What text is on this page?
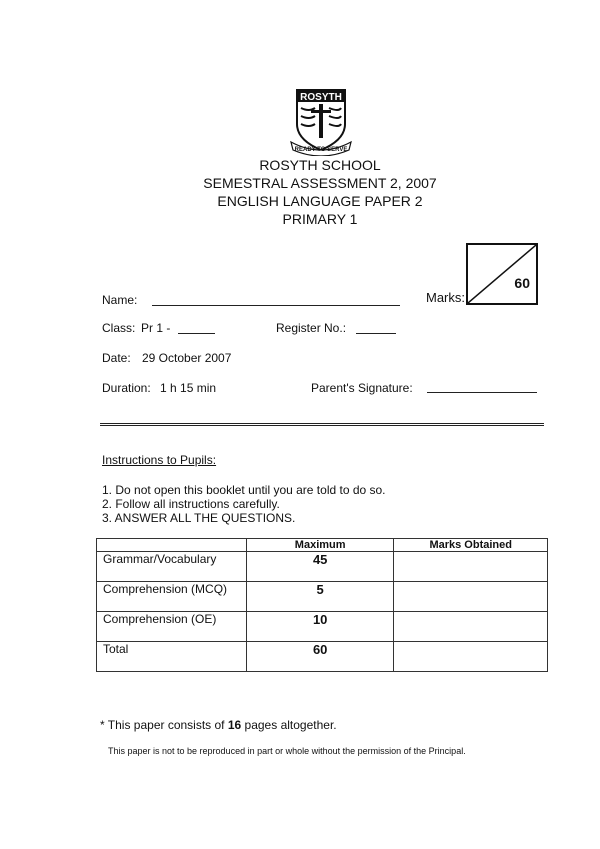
ROSYTH
READY TO SERVE
ROSYTH SCHOOL
SEMESTRAL ASSESSMENT 2, 2007
ENGLISH LANGUAGE PAPER 2
PRIMARY 1
60
Marks:
Name:
Class: Pr 1 -	Register No.:
Date: 29 October 2007
Duration: 1 h 15 min	Parent's Signature:
Instructions to Pupils:
1. Do not open this booklet until you are told to do so.
2. Follow all instructions carefully.
3. ANSWER ALL THE QUESTIONS.
	Maximum	Marks Obtained
Grammar/Vocabulary	45	
Comprehension (MCQ)	5	
Comprehension (OE)	10	
Total	60	
* This paper consists of 16 pages altogether.
This paper is not to be reproduced in part or whole without the permission of the Principal.
